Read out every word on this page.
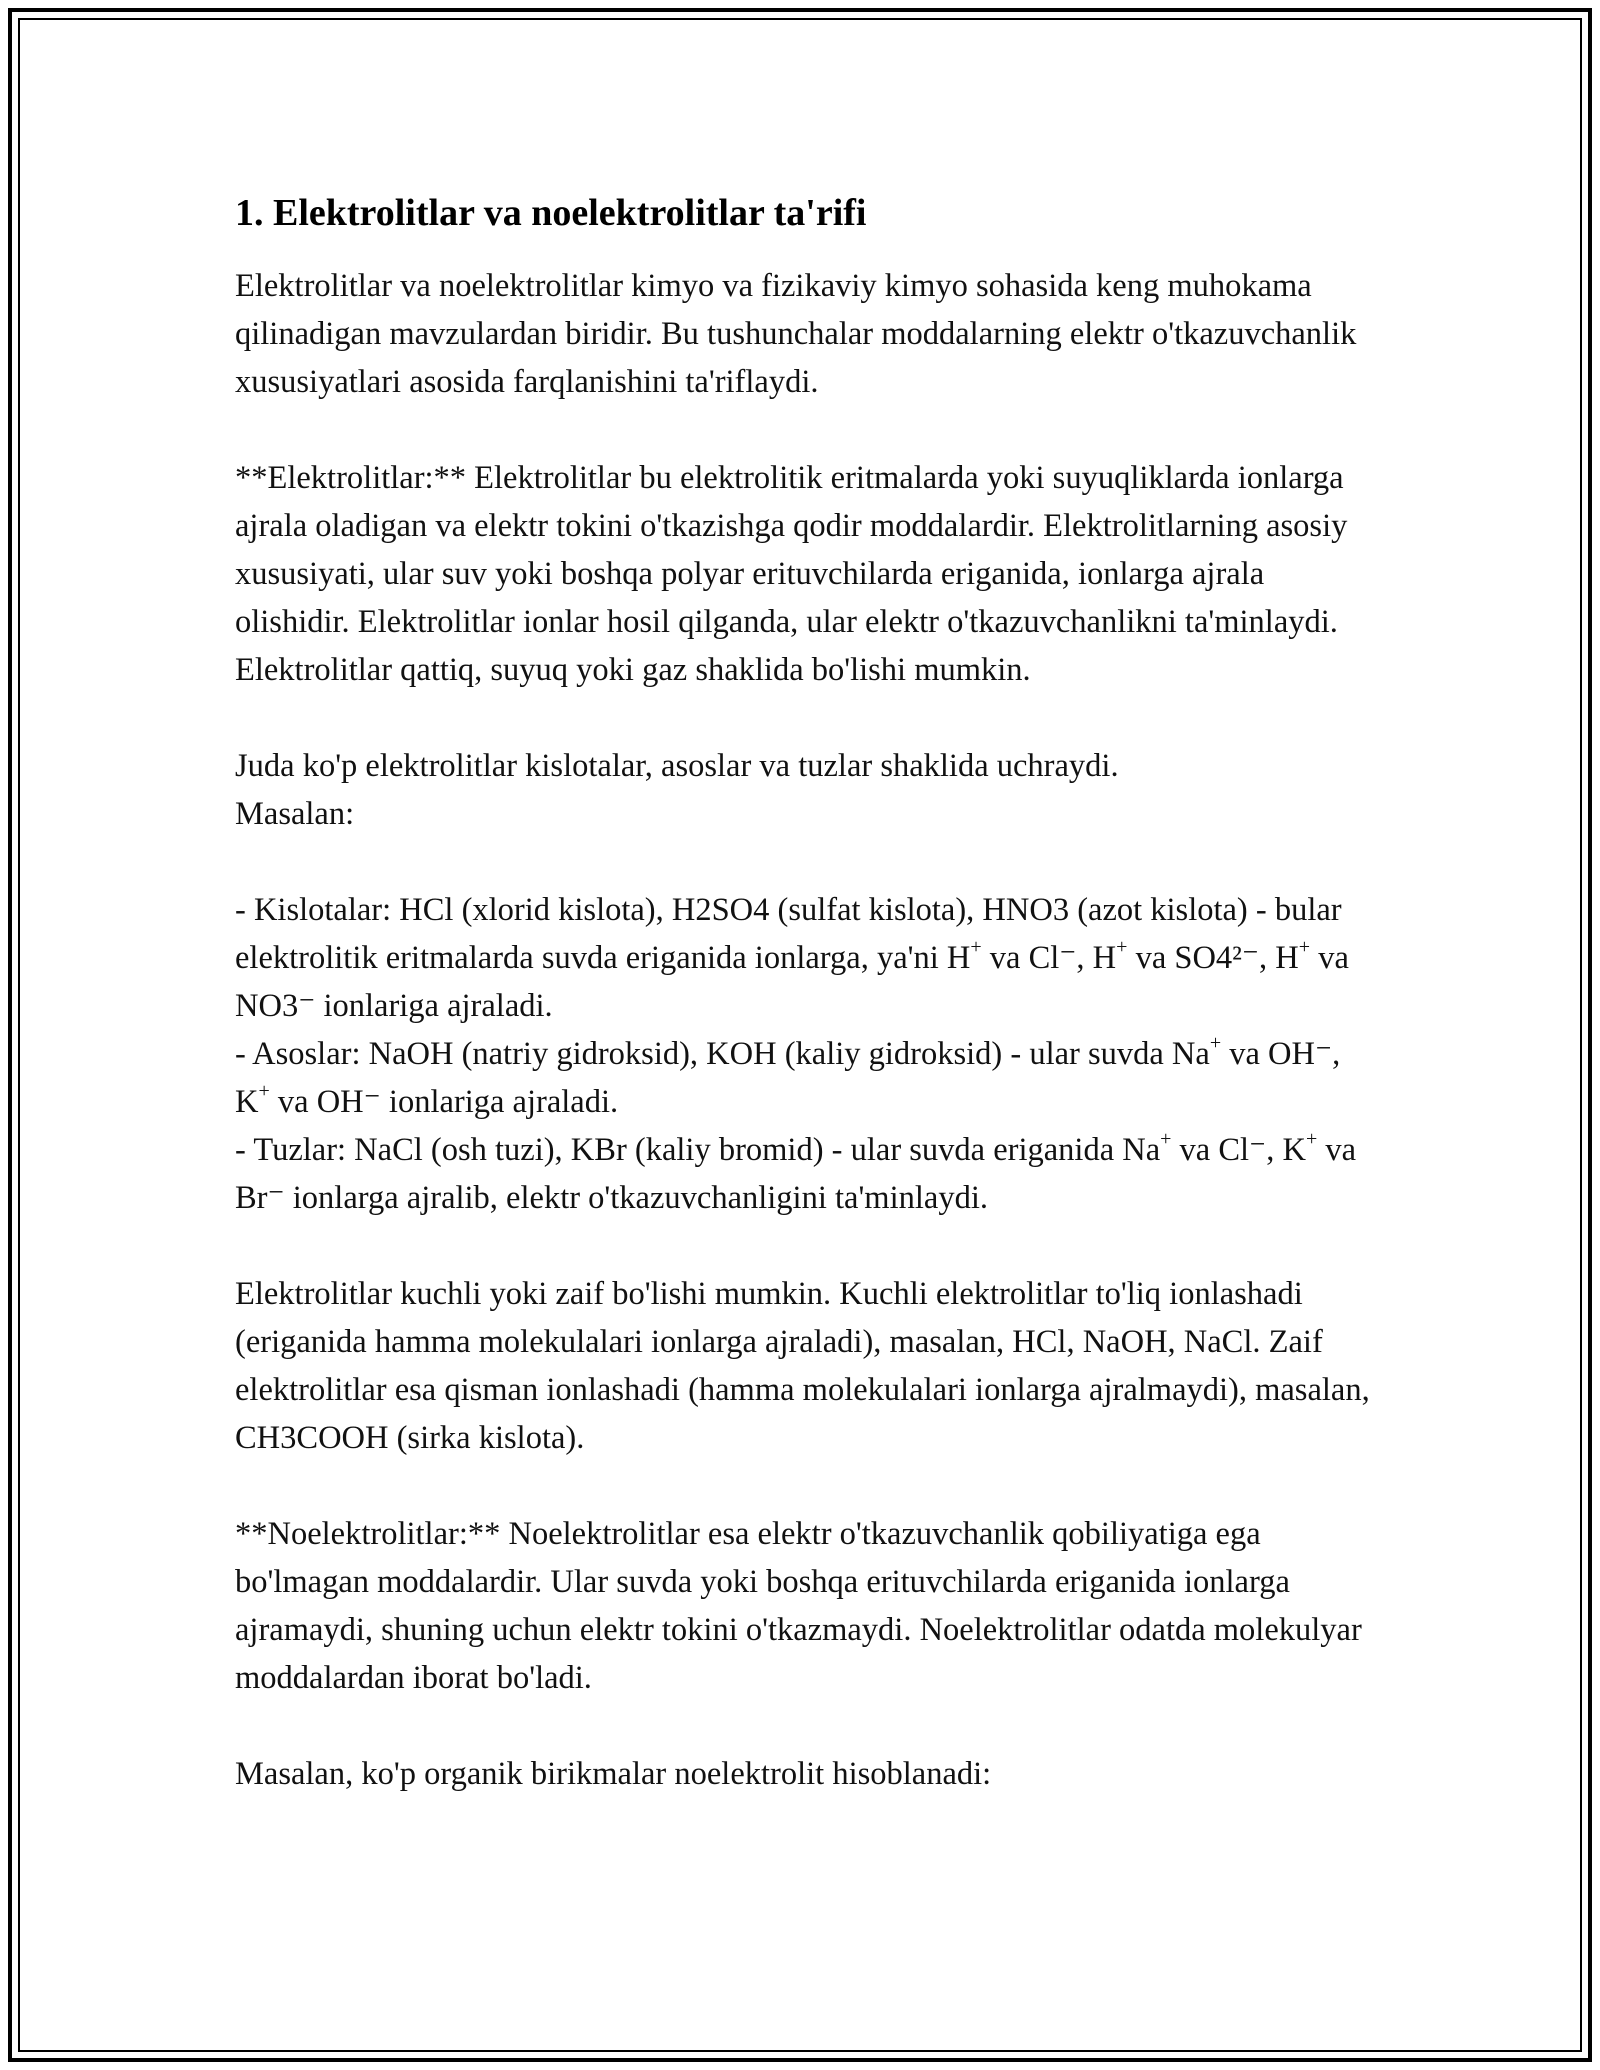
1. Elektrolitlar va noelektrolitlar ta'rifi

Elektrolitlar va noelektrolitlar kimyo va fizikaviy kimyo sohasida keng muhokama qilinadigan mavzulardan biridir. Bu tushunchalar moddalarning elektr o'tkazuvchanlik xususiyatlari asosida farqlanishini ta'riflaydi.

**Elektrolitlar:** Elektrolitlar bu elektrolitik eritmalarda yoki suyuqliklarda ionlarga ajrala oladigan va elektr tokini o'tkazishga qodir moddalardir. Elektrolitlarning asosiy xususiyati, ular suv yoki boshqa polyar erituvchilarda eriganida, ionlarga ajrala olishidir. Elektrolitlar ionlar hosil qilganda, ular elektr o'tkazuvchanlikni ta'minlaydi. Elektrolitlar qattiq, suyuq yoki gaz shaklida bo'lishi mumkin.

Juda ko'p elektrolitlar kislotalar, asoslar va tuzlar shaklida uchraydi.
Masalan:

- Kislotalar: HCl (xlorid kislota), H2SO4 (sulfat kislota), HNO3 (azot kislota) - bular elektrolitik eritmalarda suvda eriganida ionlarga, ya'ni H+ va Cl⁻, H+ va SO4²⁻, H+ va NO3⁻ ionlariga ajraladi.
- Asoslar: NaOH (natriy gidroksid), KOH (kaliy gidroksid) - ular suvda Na+ va OH⁻, K+ va OH⁻ ionlariga ajraladi.
- Tuzlar: NaCl (osh tuzi), KBr (kaliy bromid) - ular suvda eriganida Na+ va Cl⁻, K+ va Br⁻ ionlarga ajralib, elektr o'tkazuvchanligini ta'minlaydi.

Elektrolitlar kuchli yoki zaif bo'lishi mumkin. Kuchli elektrolitlar to'liq ionlashadi (eriganida hamma molekulalari ionlarga ajraladi), masalan, HCl, NaOH, NaCl. Zaif elektrolitlar esa qisman ionlashadi (hamma molekulalari ionlarga ajralmaydi), masalan, CH3COOH (sirka kislota).

**Noelektrolitlar:** Noelektrolitlar esa elektr o'tkazuvchanlik qobiliyatiga ega bo'lmagan moddalardir. Ular suvda yoki boshqa erituvchilarda eriganida ionlarga ajramaydi, shuning uchun elektr tokini o'tkazmaydi. Noelektrolitlar odatda molekulyar moddalardan iborat bo'ladi.

Masalan, ko'p organik birikmalar noelektrolit hisoblanadi:
